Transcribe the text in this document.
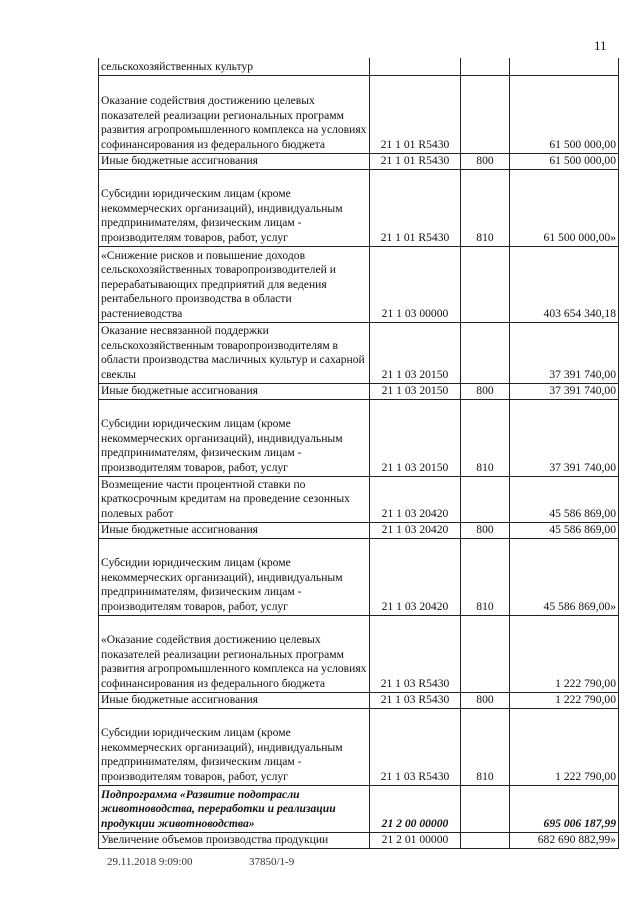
11
сельскохозяйственных культур			
Оказание содействия достижению целевых показателей реализации региональных программ развития агропромышленного комплекса на условиях софинансирования из федерального бюджета	21 1 01 R5430		61 500 000,00
Иные бюджетные ассигнования	21 1 01 R5430	800	61 500 000,00
Субсидии юридическим лицам (кроме некоммерческих организаций), индивидуальным предпринимателям, физическим лицам - производителям товаров, работ, услуг	21 1 01 R5430	810	61 500 000,00»
«Снижение рисков и повышение доходов сельскохозяйственных товаропроизводителей и перерабатывающих предприятий для ведения рентабельного производства в области растениеводства	21 1 03 00000		403 654 340,18
Оказание несвязанной поддержки сельскохозяйственным товаропроизводителям в области производства масличных культур и сахарной свеклы	21 1 03 20150		37 391 740,00
Иные бюджетные ассигнования	21 1 03 20150	800	37 391 740,00
Субсидии юридическим лицам (кроме некоммерческих организаций), индивидуальным предпринимателям, физическим лицам - производителям товаров, работ, услуг	21 1 03 20150	810	37 391 740,00
Возмещение части процентной ставки по краткосрочным кредитам на проведение сезонных полевых работ	21 1 03 20420		45 586 869,00
Иные бюджетные ассигнования	21 1 03 20420	800	45 586 869,00
Субсидии юридическим лицам (кроме некоммерческих организаций), индивидуальным предпринимателям, физическим лицам - производителям товаров, работ, услуг	21 1 03 20420	810	45 586 869,00»
«Оказание содействия достижению целевых показателей реализации региональных программ развития агропромышленного комплекса на условиях софинансирования из федерального бюджета	21 1 03 R5430		1 222 790,00
Иные бюджетные ассигнования	21 1 03 R5430	800	1 222 790,00
Субсидии юридическим лицам (кроме некоммерческих организаций), индивидуальным предпринимателям, физическим лицам - производителям товаров, работ, услуг	21 1 03 R5430	810	1 222 790,00
Подпрограмма «Развитие подотрасли животноводства, переработки и реализации продукции животноводства»	21 2 00 00000		695 006 187,99
Увеличение объемов производства продукции	21 2 01 00000		682 690 882,99»
29.11.2018 9:09:00	37850/1-9
